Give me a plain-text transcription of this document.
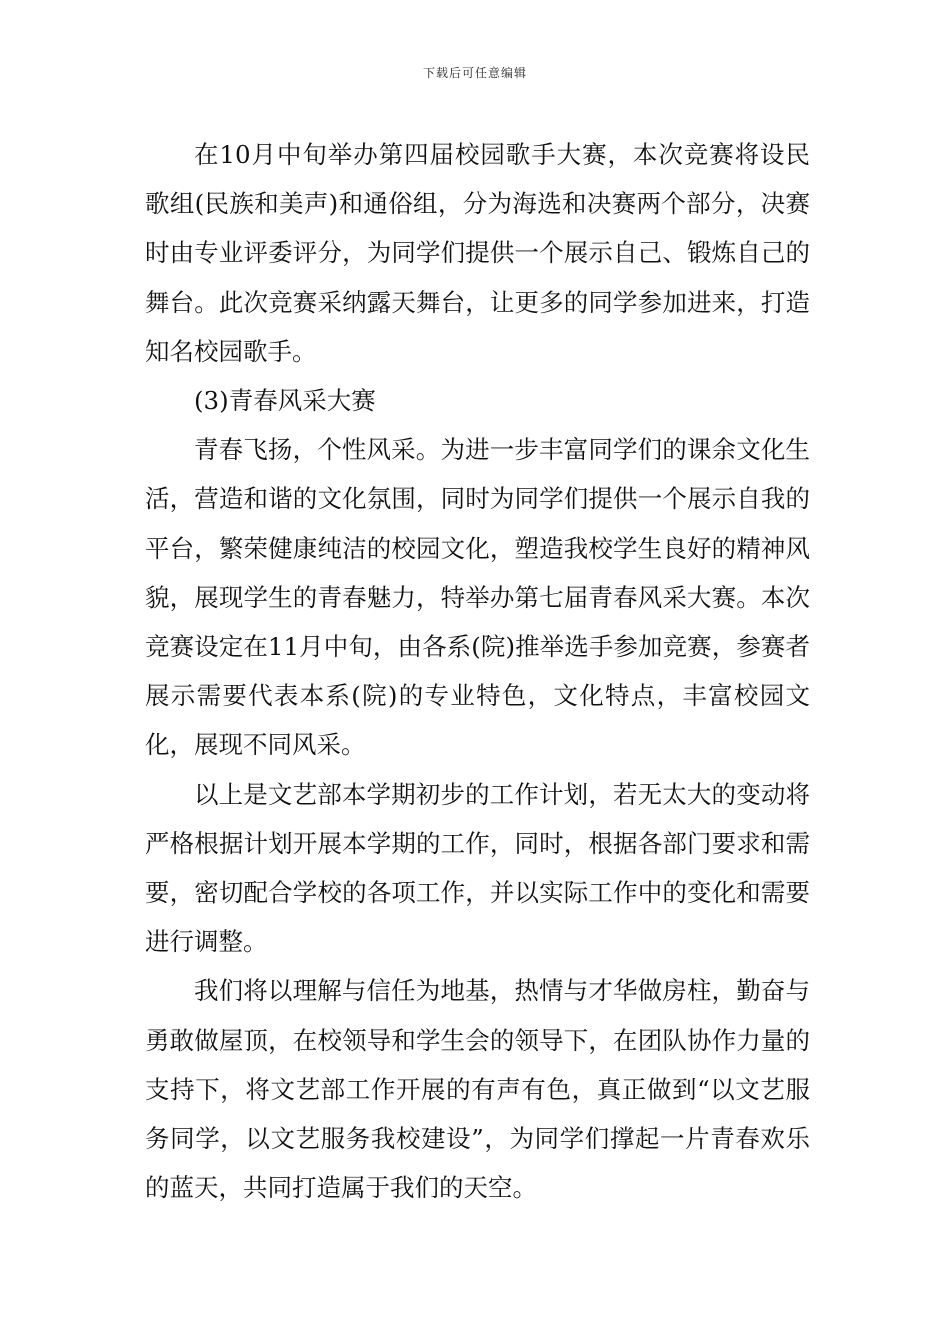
下载后可任意编辑

在10月中旬举办第四届校园歌手大赛，本次竞赛将设民歌组(民族和美声)和通俗组，分为海选和决赛两个部分，决赛时由专业评委评分，为同学们提供一个展示自己、锻炼自己的舞台。此次竞赛采纳露天舞台，让更多的同学参加进来，打造知名校园歌手。

(3)青春风采大赛

青春飞扬，个性风采。为进一步丰富同学们的课余文化生活，营造和谐的文化氛围，同时为同学们提供一个展示自我的平台，繁荣健康纯洁的校园文化，塑造我校学生良好的精神风貌，展现学生的青春魅力，特举办第七届青春风采大赛。本次竞赛设定在11月中旬，由各系(院)推举选手参加竞赛，参赛者展示需要代表本系(院)的专业特色，文化特点，丰富校园文化，展现不同风采。

以上是文艺部本学期初步的工作计划，若无太大的变动将严格根据计划开展本学期的工作，同时，根据各部门要求和需要，密切配合学校的各项工作，并以实际工作中的变化和需要进行调整。

我们将以理解与信任为地基，热情与才华做房柱，勤奋与勇敢做屋顶，在校领导和学生会的领导下，在团队协作力量的支持下，将文艺部工作开展的有声有色，真正做到“以文艺服务同学，以文艺服务我校建设”，为同学们撑起一片青春欢乐的蓝天，共同打造属于我们的天空。
